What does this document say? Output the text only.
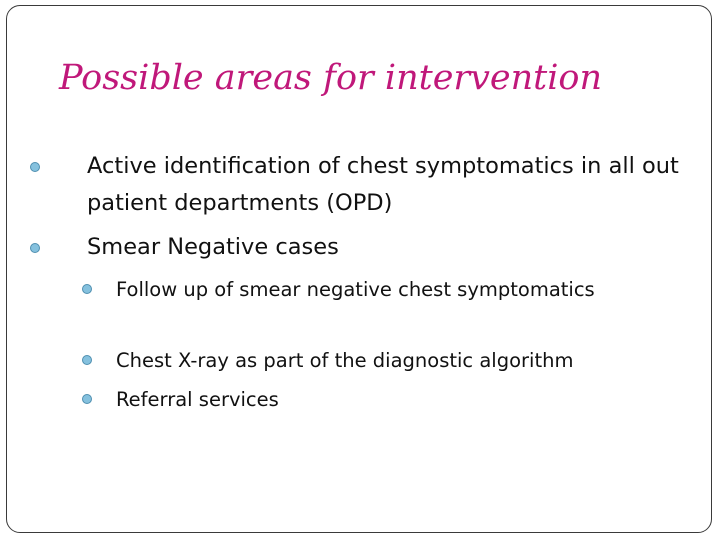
Possible areas for intervention
Active identification of chest symptomatics in all out patient departments (OPD)
Smear Negative cases
Follow up of smear negative chest symptomatics
Chest X-ray as part of the diagnostic algorithm
Referral services
